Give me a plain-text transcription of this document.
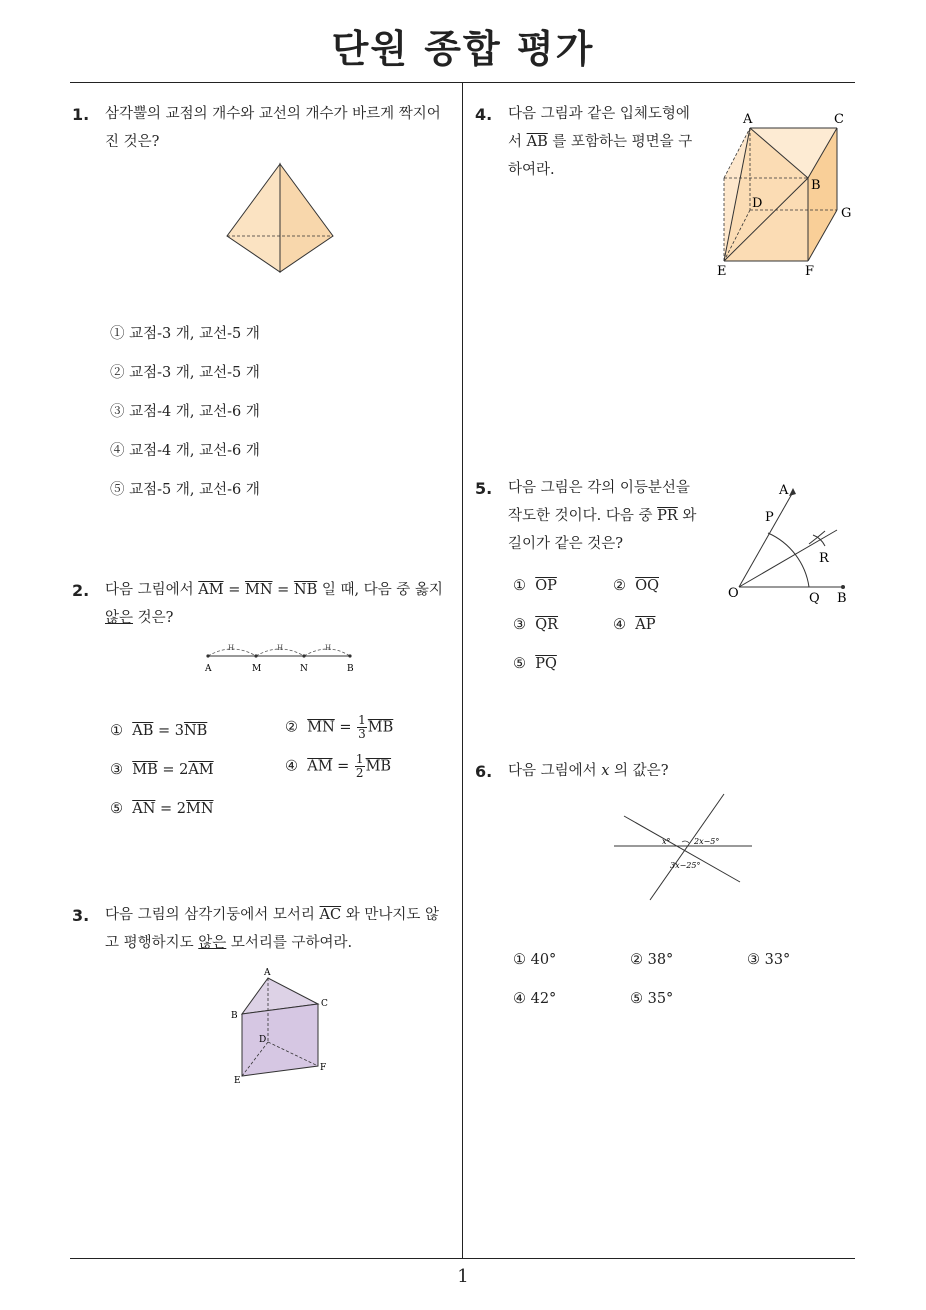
단원 종합 평가
1
1. 삼각뿔의 교점의 개수와 교선의 개수가 바르게 짝지어 진 것은?
① 교점-3 개, 교선-5 개
② 교점-3 개, 교선-5 개
③ 교점-4 개, 교선-6 개
④ 교점-4 개, 교선-6 개
⑤ 교점-5 개, 교선-6 개
2. 다음 그림에서 $\overline{AM} = \overline{MN} = \overline{NB}$ 일 때, 다음 중 옳지
않은 것은?
H	H	H
A	M	N	B
① $\overline{AB} = 3\overline{NB}$	② $\overline{MN} = \frac{1}{3} \overline{MB}$
③ $\overline{MB} = 2\overline{AM}$	④ $\overline{AM} = \frac{1}{2} \overline{MB}$
⑤ $\overline{AN} = 2\overline{MN}$
3. 다음 그림의 삼각기둥에서 모서리 $\overline{AC}$ 와 만나지도 않
고 평행하지도 않은 모서리를 구하여라.
A
B
C
D
E
F
4. 다음 그림과 같은 입체도형에
서 $\overline{AB}$ 를 포함하는 평면을 구
하여라.
A	C
B
D
G
E	F
5. 다음 그림은 각의 이등분선을
작도한 것이다. 다음 중 $\overline{PR}$ 와
길이가 같은 것은?
A
P
R
O	Q B
① $\overline{OP}$	② $\overline{OQ}$
③ $\overline{QR}$	④ $\overline{AP}$
⑤ $\overline{PQ}$
6. 다음 그림에서 x 의 값은?
x°	2x−5°
3x−25°
① 40°	② 38°	③ 33°
④ 42°	⑤ 35°
